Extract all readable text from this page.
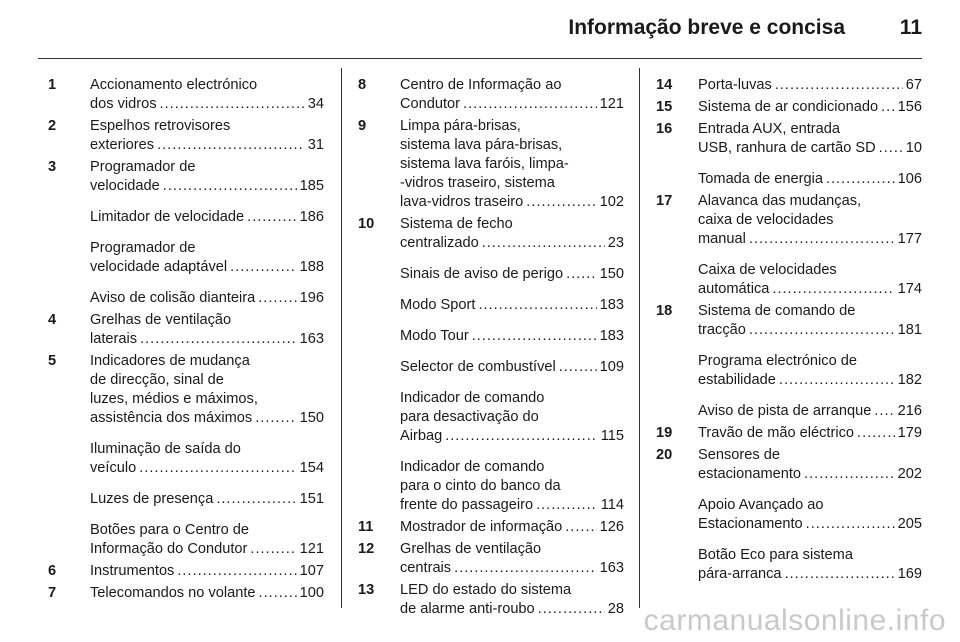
Informação breve e concisa	11
1	Accionamento electrónico
dos vidros .....	34
2	Espelhos retrovisores
exteriores .....	31
3	Programador de
velocidade .....	185
Limitador de velocidade .....	186
Programador de
velocidade adaptável .....	188
Aviso de colisão dianteira .....	196
4	Grelhas de ventilação
laterais .....	163
5	Indicadores de mudança
de direcção, sinal de
luzes, médios e máximos,
assistência dos máximos .....	150
Iluminação de saída do
veículo .....	154
Luzes de presença .....	151
Botões para o Centro de
Informação do Condutor .....	121
6	Instrumentos .....	107
7	Telecomandos no volante .....	100
8	Centro de Informação ao
Condutor .....	121
9	Limpa pára-brisas,
sistema lava pára-brisas,
sistema lava faróis, limpa-
-vidros traseiro, sistema
lava-vidros traseiro .....	102
10	Sistema de fecho
centralizado .....	23
Sinais de aviso de perigo .....	150
Modo Sport .....	183
Modo Tour .....	183
Selector de combustível .....	109
Indicador de comando
para desactivação do
Airbag .....	115
Indicador de comando
para o cinto do banco da
frente do passageiro .....	114
11	Mostrador de informação .....	126
12	Grelhas de ventilação
centrais .....	163
13	LED do estado do sistema
de alarme anti-roubo .....	28
14	Porta-luvas .....	67
15	Sistema de ar condicionado ..... 156
16	Entrada AUX, entrada
USB, ranhura de cartão SD ..... 10
Tomada de energia .....	106
17	Alavanca das mudanças,
caixa de velocidades
manual .....	177
Caixa de velocidades
automática .....	174
18	Sistema de comando de
tracção .....	181
Programa electrónico de
estabilidade .....	182
Aviso de pista de arranque ..... 216
19	Travão de mão eléctrico .....	179
20	Sensores de
estacionamento .....	202
Apoio Avançado ao
Estacionamento .....	205
Botão Eco para sistema
pára-arranca .....	169
carmanualsonline.info
